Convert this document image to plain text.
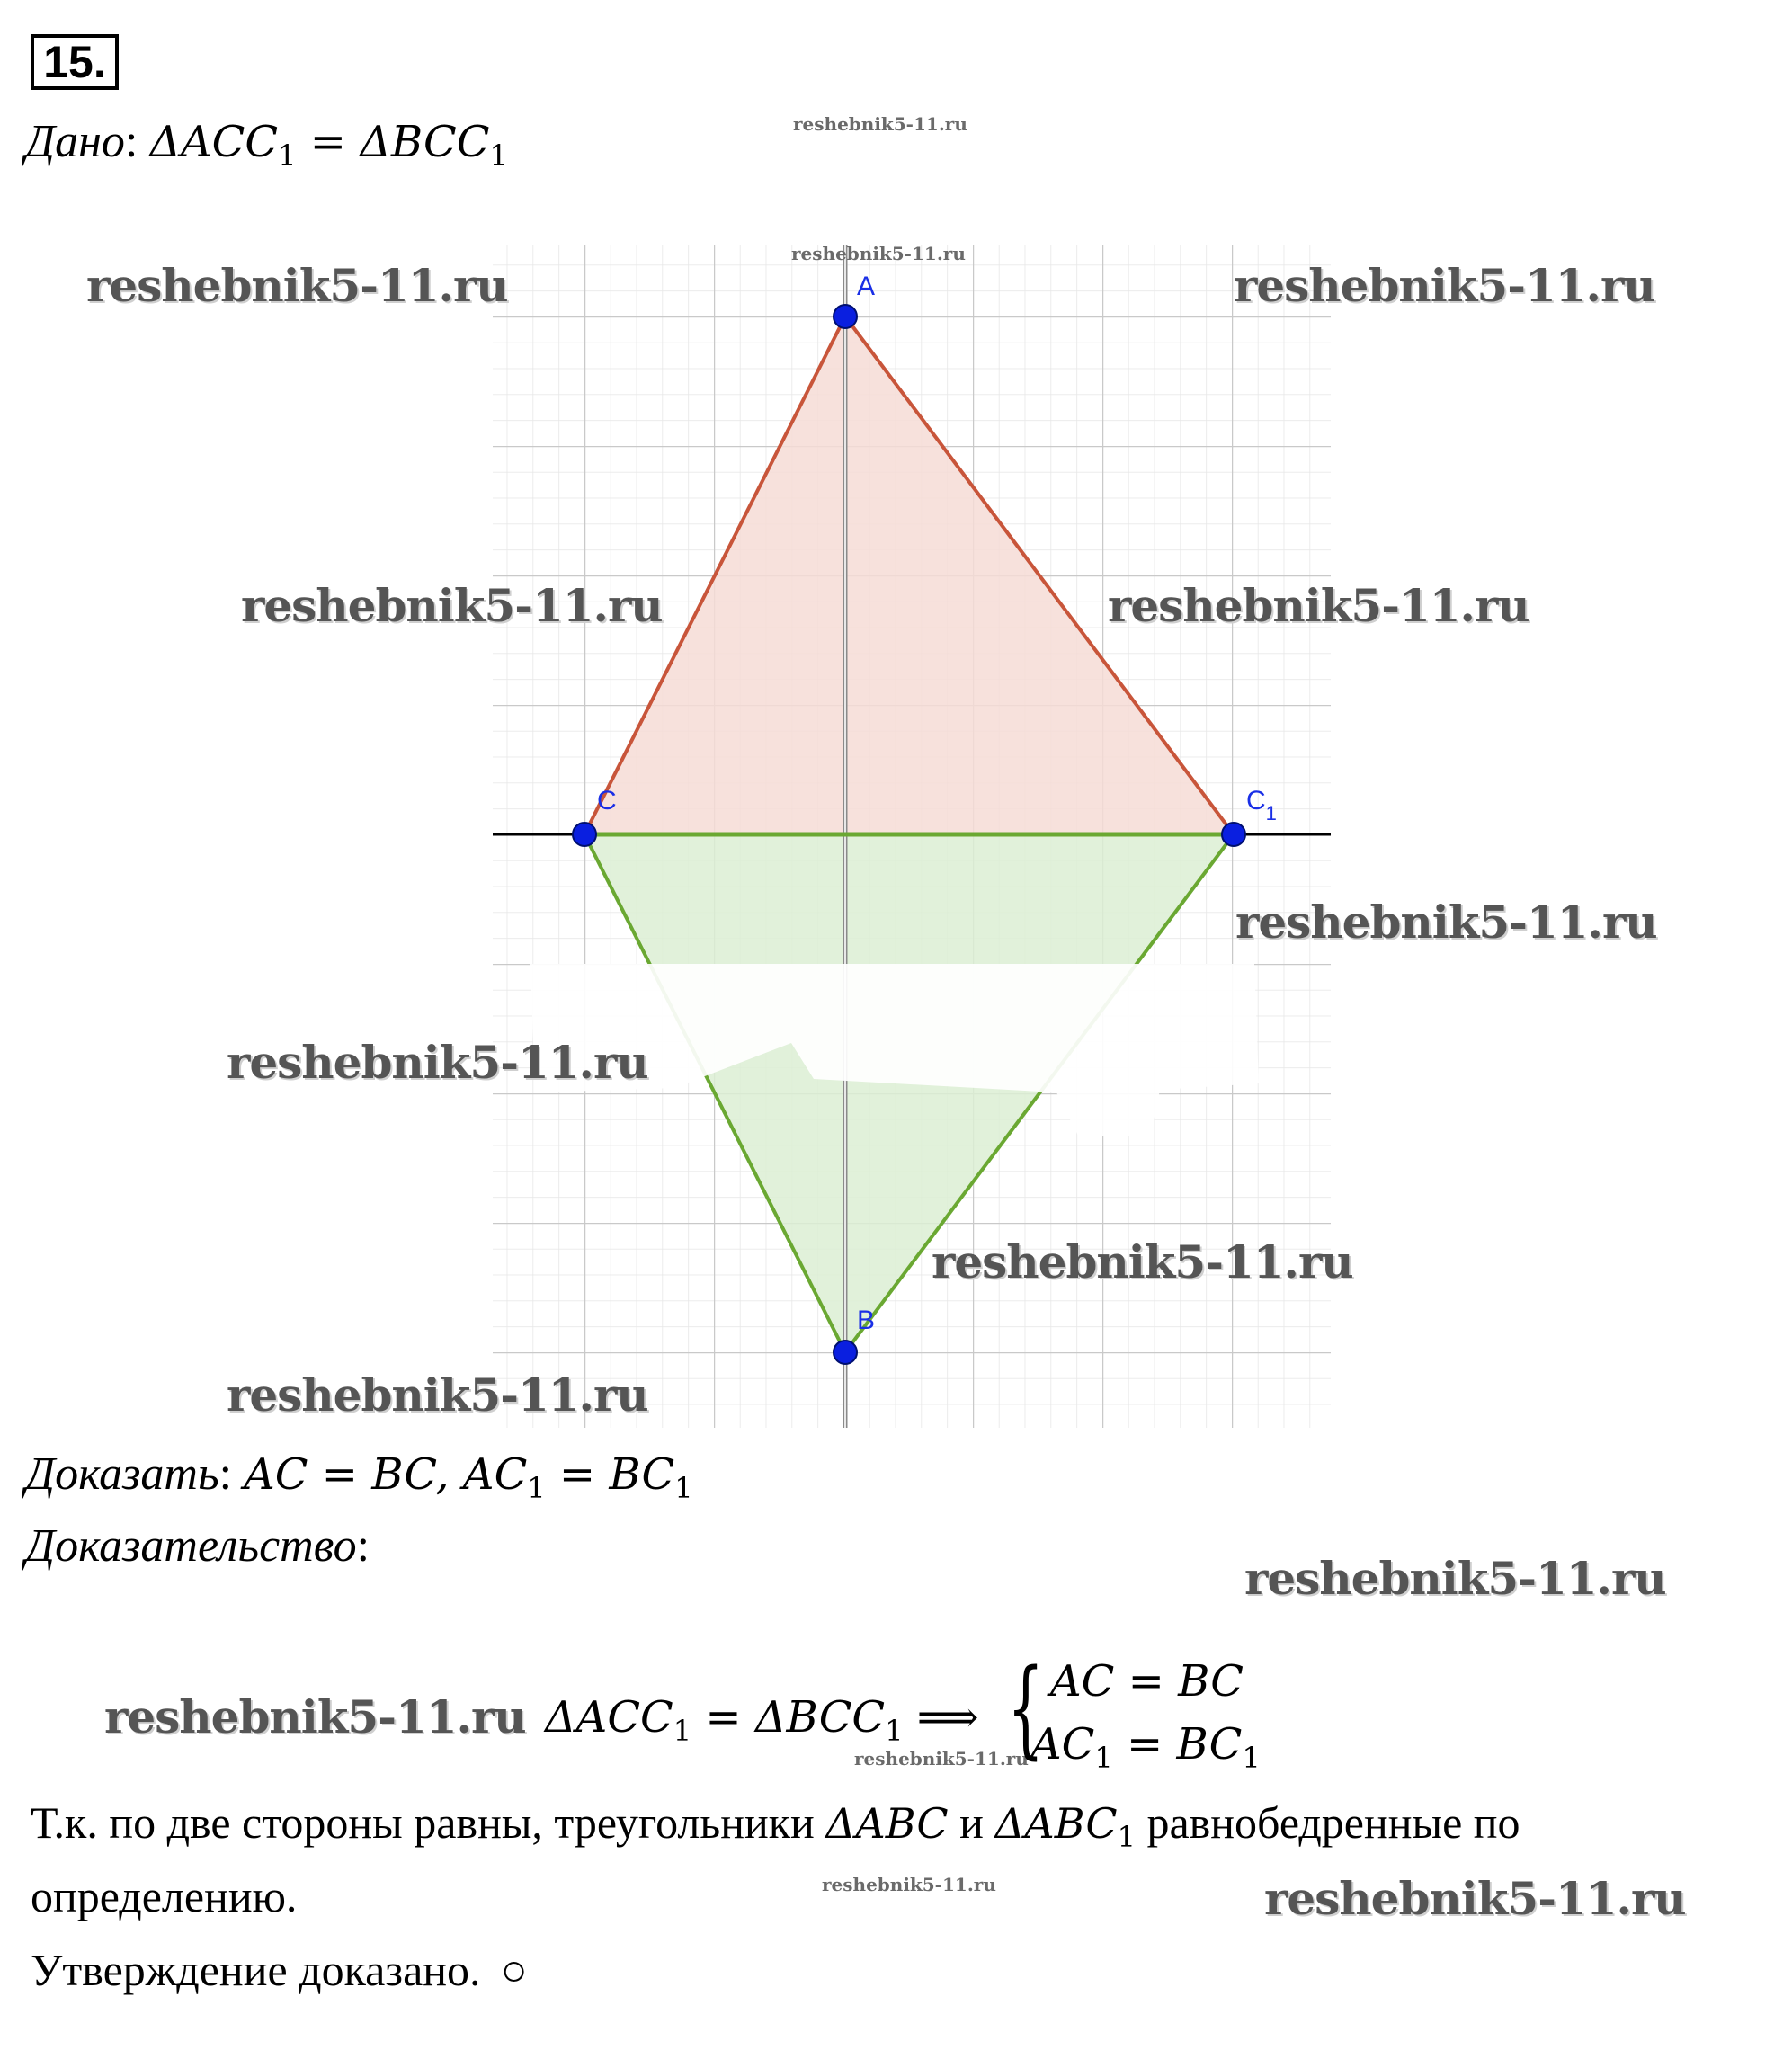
15.
Дано: $\Delta ACC_1 = \Delta BCC_1$
A
C	$C_1$
B
reshebnik5-11.ru
reshebnik5-11.ru
reshebnik5-11.ru	reshebnik5-11.ru
reshebnik5-11.ru	reshebnik5-11.ru
reshebnik5-11.ru
reshebnik5-11.ru
reshebnik5-11.ru
reshebnik5-11.ru
reshebnik5-11.ru
reshebnik5-11.ru
reshebnik5-11.ru
reshebnik5-11.ru	reshebnik5-11.ru
Доказать: AC = BC, $AC_1 = BC_1$
Доказательство:
$\Delta ACC_1 = \Delta BCC_1$ ⟹ { AC = BC
$AC_1 = BC_1$
Т.к. по две стороны равны, треугольники ΔABC и $\Delta ABC_1$ равнобедренные по
определению.
Утверждение доказано. ○
